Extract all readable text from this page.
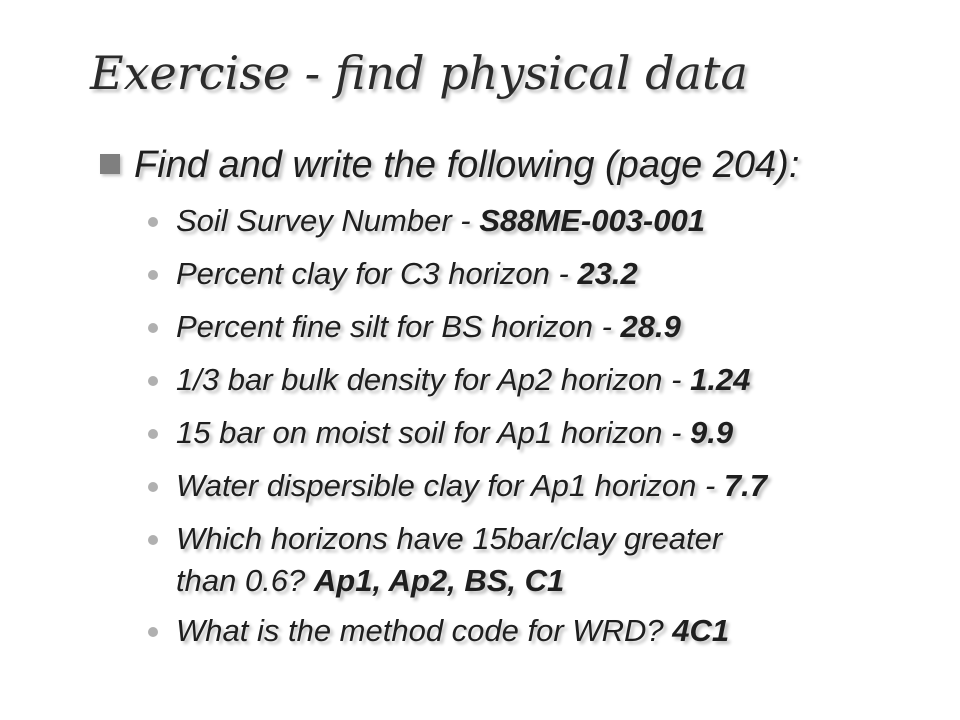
Exercise - find physical data
Find and write the following (page 204):
Soil Survey Number - S88ME-003-001
Percent clay for C3 horizon - 23.2
Percent fine silt for BS horizon - 28.9
1/3 bar bulk density for Ap2 horizon - 1.24
15 bar on moist soil for Ap1 horizon - 9.9
Water dispersible clay for Ap1 horizon - 7.7
Which horizons have 15bar/clay greater
than 0.6? Ap1, Ap2, BS, C1
What is the method code for WRD? 4C1
